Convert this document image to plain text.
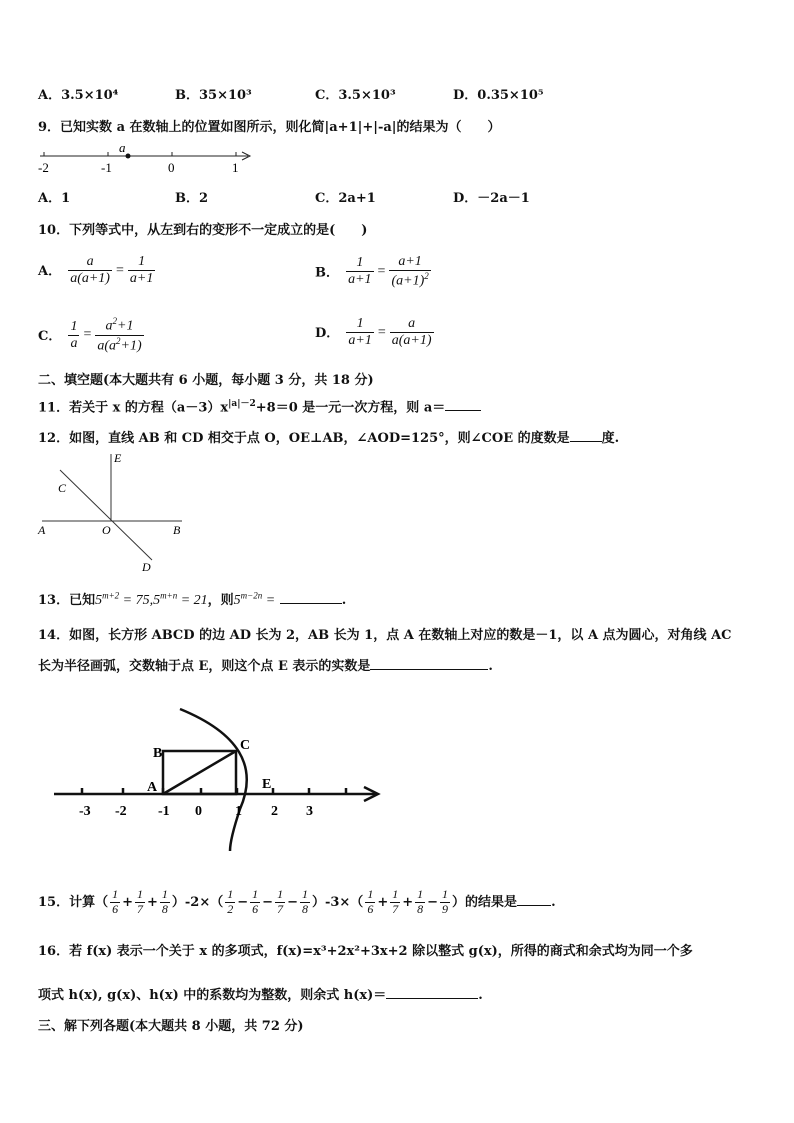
A．3.5×10⁴	B．35×10³	C．3.5×10³	D．0.35×10⁵
9．已知实数 a 在数轴上的位置如图所示，则化简|a+1|+|-a|的结果为（　　）
a
-2	-1	0	1
A．1	B．2	C．2a+1	D．－2a－1
10．下列等式中，从左到右的变形不一定成立的是(　　)
A． $\frac{a}{a(a+1)} = \frac{1}{a+1}$	B． $\frac{1}{a+1} = \frac{a+1}{(a+1)^2}$
C． $\frac{1}{a} = \frac{a^2+1}{a(a^2+1)}$	D． $\frac{1}{a+1} = \frac{a}{a(a+1)}$
二、填空题(本大题共有 6 小题，每小题 3 分，共 18 分)
11．若关于 x 的方程$(a-3)x^{|a|-2}+8=0$ 是一元一次方程，则 a＝
12．如图，直线 AB 和 CD 相交于点 O，OE⊥AB，∠AOD=125°，则∠COE 的度数是 度.
E
C
A	O	B
D
13．已知$5^{m+2} = 75,5^{m+n} = 21$，则$5^{m-2n}$ =	.
14．如图，长方形 ABCD 的边 AD 长为 2，AB 长为 1，点 A 在数轴上对应的数是－1，以 A 点为圆心，对角线 AC
长为半径画弧，交数轴于点 E，则这个点 E 表示的实数是	.
B
C
A	E
-3 -2 -1 0 1 2 3
15．计算（ $\frac{1}{6} + \frac{1}{7} + \frac{1}{8} )-2\times( \frac{1}{2} - \frac{1}{6} - \frac{1}{7} - \frac{1}{8} )-3\times( \frac{1}{6} + \frac{1}{7} + \frac{1}{8} - \frac{1}{9}$ ）的结果是	.
16．若 f(x) 表示一个关于 x 的多项式，f(x)=x³+2x²+3x+2 除以整式 g(x)，所得的商式和余式均为同一个多
项式 h(x), g(x)、h(x) 中的系数均为整数，则余式 h(x)＝	.
三、解下列各题(本大题共 8 小题，共 72 分)
